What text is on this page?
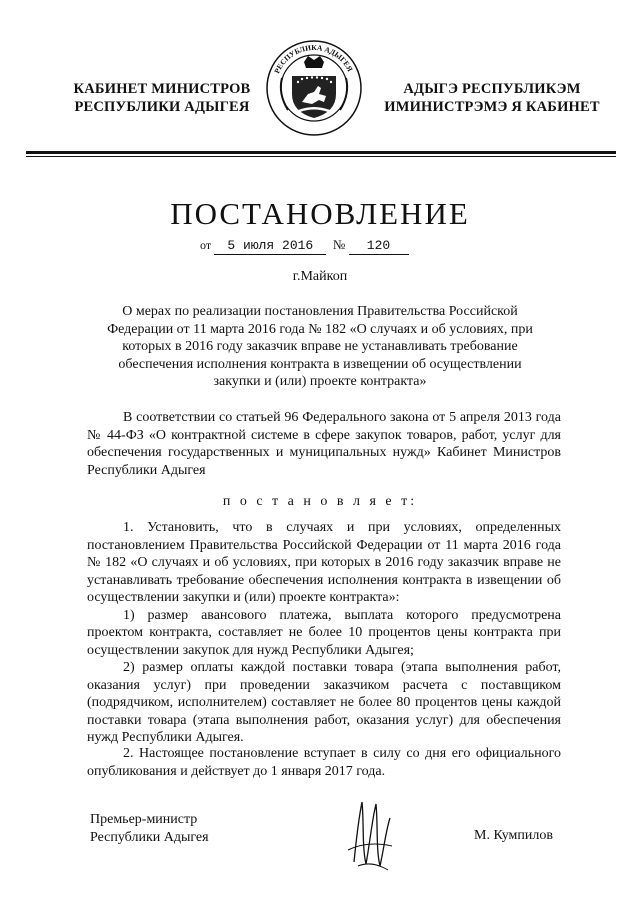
КАБИНЕТ МИНИСТРОВ
РЕСПУБЛИКИ АДЫГЕЯ
РЕСПУБЛИКА АДЫГЕЯ
АДЫГЭ РЕСПУБЛИКЭМ
ИМИНИСТРЭМЭ Я КАБИНЕТ
ПОСТАНОВЛЕНИЕ
от 5 июля 2016 № 120
г.Майкоп
О мерах по реализации постановления Правительства Российской
Федерации от 11 марта 2016 года № 182 «О случаях и об условиях, при
которых в 2016 году заказчик вправе не устанавливать требование
обеспечения исполнения контракта в извещении об осуществлении
закупки и (или) проекте контракта»

В соответствии со статьей 96 Федерального закона от 5 апреля 2013 года № 44-ФЗ «О контрактной системе в сфере закупок товаров, работ, услуг для обеспечения государственных и муниципальных нужд» Кабинет Министров Республики Адыгея

п о с т а н о в л я е т:

1. Установить, что в случаях и при условиях, определенных постановлением Правительства Российской Федерации от 11 марта 2016 года № 182 «О случаях и об условиях, при которых в 2016 году заказчик вправе не устанавливать требование обеспечения исполнения контракта в извещении об осуществлении закупки и (или) проекте контракта»:

1) размер авансового платежа, выплата которого предусмотрена проектом контракта, составляет не более 10 процентов цены контракта при осуществлении закупок для нужд Республики Адыгея;

2) размер оплаты каждой поставки товара (этапа выполнения работ, оказания услуг) при проведении заказчиком расчета с поставщиком (подрядчиком, исполнителем) составляет не более 80 процентов цены каждой поставки товара (этапа выполнения работ, оказания услуг) для обеспечения нужд Республики Адыгея.

2. Настоящее постановление вступает в силу со дня его официального опубликования и действует до 1 января 2017 года.

Премьер-министр
Республики Адыгея	М. Кумпилов
